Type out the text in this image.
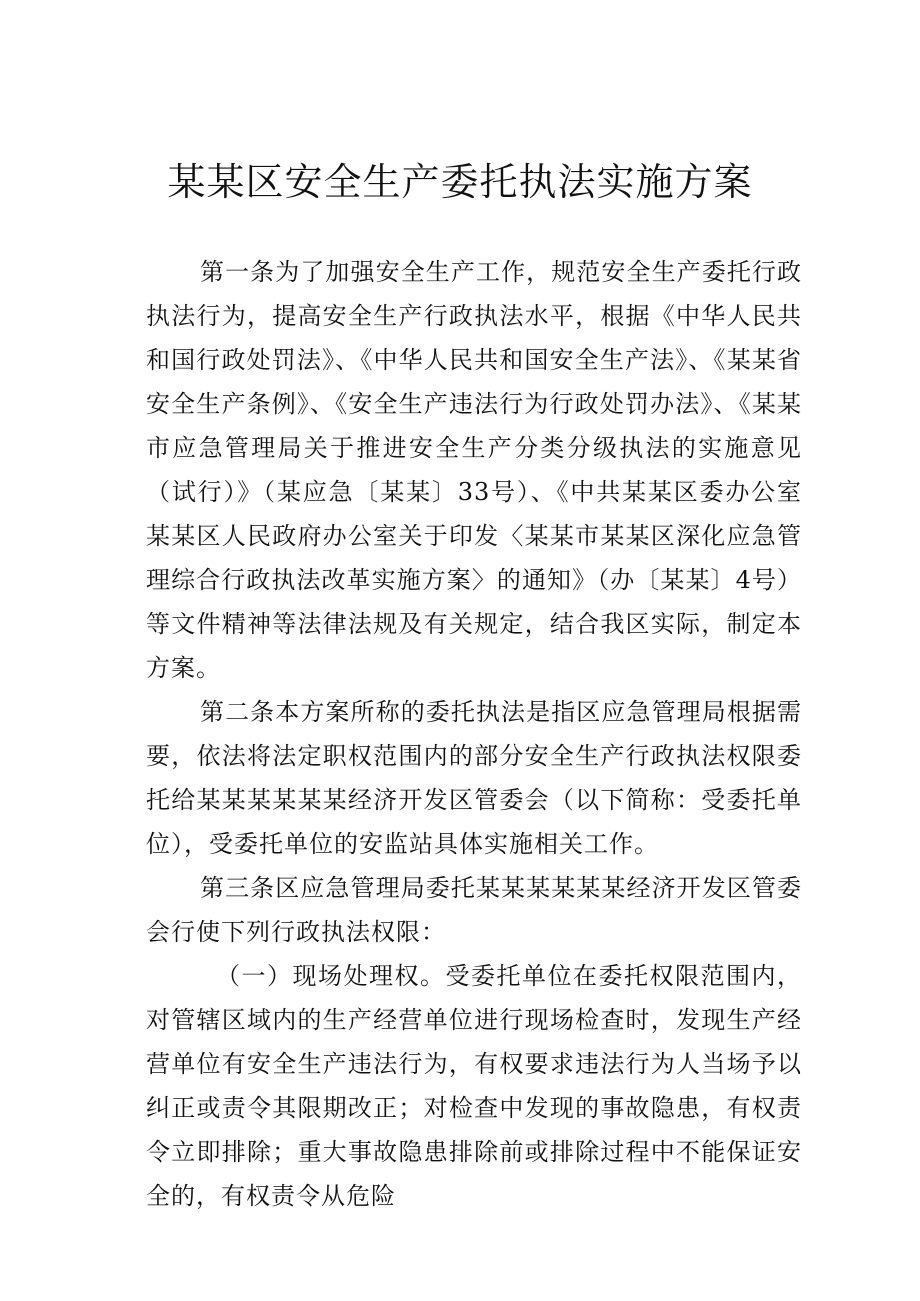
某某区安全生产委托执法实施方案

第一条为了加强安全生产工作，规范安全生产委托行政执法行为，提高安全生产行政执法水平，根据《中华人民共和国行政处罚法》、《中华人民共和国安全生产法》、《某某省安全生产条例》、《安全生产违法行为行政处罚办法》、《某某市应急管理局关于推进安全生产分类分级执法的实施意见（试行）》（某应急〔某某〕33号）、《中共某某区委办公室某某区人民政府办公室关于印发〈某某市某某区深化应急管理综合行政执法改革实施方案〉的通知》（办〔某某〕4号）等文件精神等法律法规及有关规定，结合我区实际，制定本方案。

第二条本方案所称的委托执法是指区应急管理局根据需要，依法将法定职权范围内的部分安全生产行政执法权限委托给某某某某某某经济开发区管委会（以下简称：受委托单位），受委托单位的安监站具体实施相关工作。

第三条区应急管理局委托某某某某某某经济开发区管委会行使下列行政执法权限：

（一）现场处理权。受委托单位在委托权限范围内，对管辖区域内的生产经营单位进行现场检查时，发现生产经营单位有安全生产违法行为，有权要求违法行为人当场予以纠正或责令其限期改正；对检查中发现的事故隐患，有权责令立即排除；重大事故隐患排除前或排除过程中不能保证安全的，有权责令从危险
